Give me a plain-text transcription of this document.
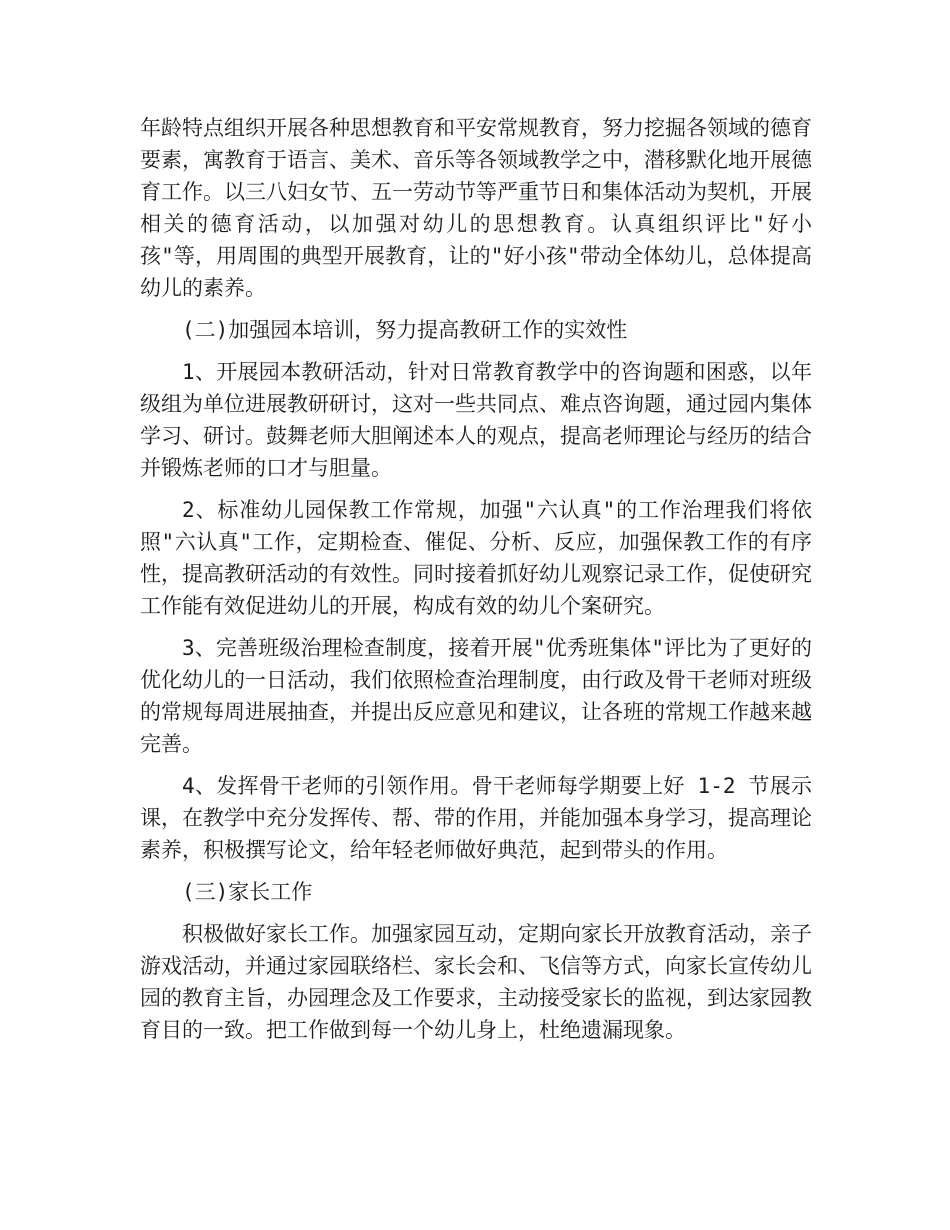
年龄特点组织开展各种思想教育和平安常规教育，努力挖掘各领域的德育要素，寓教育于语言、美术、音乐等各领域教学之中，潜移默化地开展德育工作。以三八妇女节、五一劳动节等严重节日和集体活动为契机，开展相关的德育活动，以加强对幼儿的思想教育。认真组织评比"好小孩"等，用周围的典型开展教育，让的"好小孩"带动全体幼儿，总体提高幼儿的素养。

(二)加强园本培训，努力提高教研工作的实效性

1、开展园本教研活动，针对日常教育教学中的咨询题和困惑，以年级组为单位进展教研研讨，这对一些共同点、难点咨询题，通过园内集体学习、研讨。鼓舞老师大胆阐述本人的观点，提高老师理论与经历的结合并锻炼老师的口才与胆量。

2、标准幼儿园保教工作常规，加强"六认真"的工作治理我们将依照"六认真"工作，定期检查、催促、分析、反应，加强保教工作的有序性，提高教研活动的有效性。同时接着抓好幼儿观察记录工作，促使研究工作能有效促进幼儿的开展，构成有效的幼儿个案研究。

3、完善班级治理检查制度，接着开展"优秀班集体"评比为了更好的优化幼儿的一日活动，我们依照检查治理制度，由行政及骨干老师对班级的常规每周进展抽查，并提出反应意见和建议，让各班的常规工作越来越完善。

4、发挥骨干老师的引领作用。骨干老师每学期要上好 1-2 节展示课，在教学中充分发挥传、帮、带的作用，并能加强本身学习，提高理论素养，积极撰写论文，给年轻老师做好典范，起到带头的作用。

(三)家长工作

积极做好家长工作。加强家园互动，定期向家长开放教育活动，亲子游戏活动，并通过家园联络栏、家长会和、飞信等方式，向家长宣传幼儿园的教育主旨，办园理念及工作要求，主动接受家长的监视，到达家园教育目的一致。把工作做到每一个幼儿身上，杜绝遗漏现象。
